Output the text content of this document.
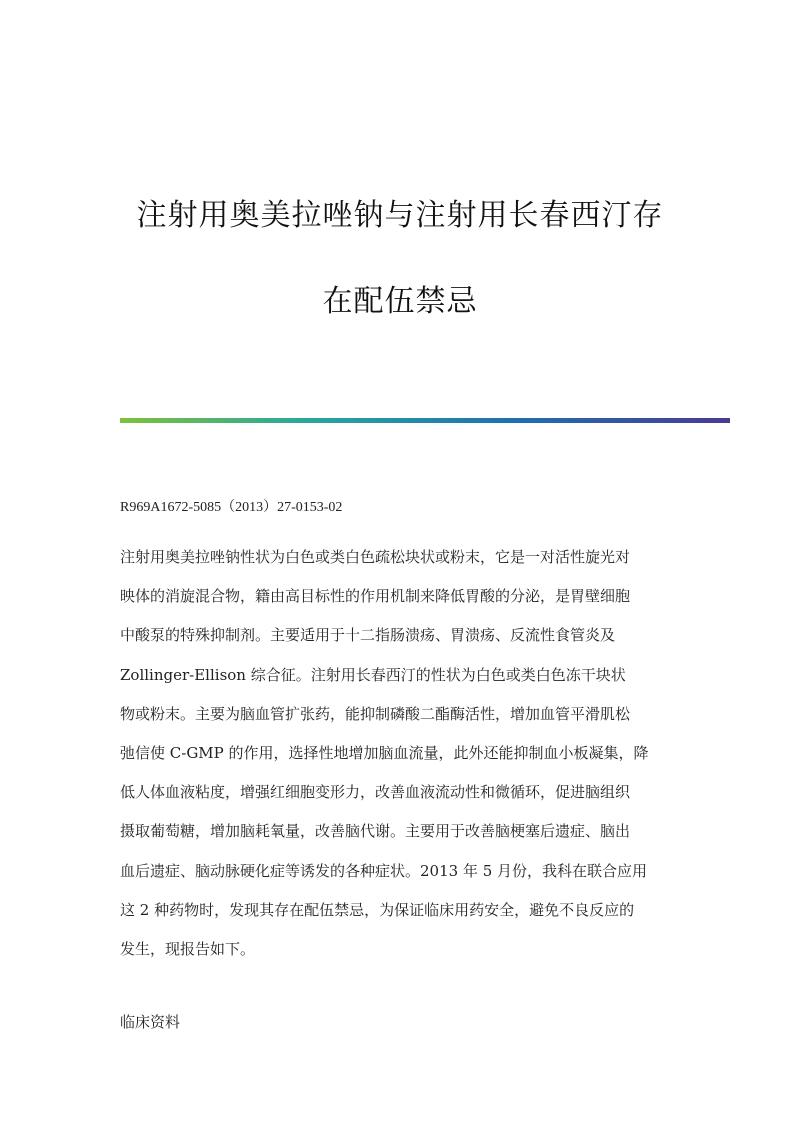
注射用奥美拉唑钠与注射用长春西汀存
在配伍禁忌
R969A1672-5085（2013）27-0153-02
注射用奥美拉唑钠性状为白色或类白色疏松块状或粉末，它是一对活性旋光对
映体的消旋混合物，籍由高目标性的作用机制来降低胃酸的分泌，是胃壁细胞
中酸泵的特殊抑制剂。主要适用于十二指肠溃疡、胃溃疡、反流性食管炎及
Zollinger-Ellison 综合征。注射用长春西汀的性状为白色或类白色冻干块状
物或粉末。主要为脑血管扩张药，能抑制磷酸二酯酶活性，增加血管平滑肌松
弛信使 C-GMP 的作用，选择性地增加脑血流量，此外还能抑制血小板凝集，降
低人体血液粘度，增强红细胞变形力，改善血液流动性和微循环，促进脑组织
摄取葡萄糖，增加脑耗氧量，改善脑代谢。主要用于改善脑梗塞后遗症、脑出
血后遗症、脑动脉硬化症等诱发的各种症状。2013 年 5 月份，我科在联合应用
这 2 种药物时，发现其存在配伍禁忌，为保证临床用药安全，避免不良反应的
发生，现报告如下。
临床资料
